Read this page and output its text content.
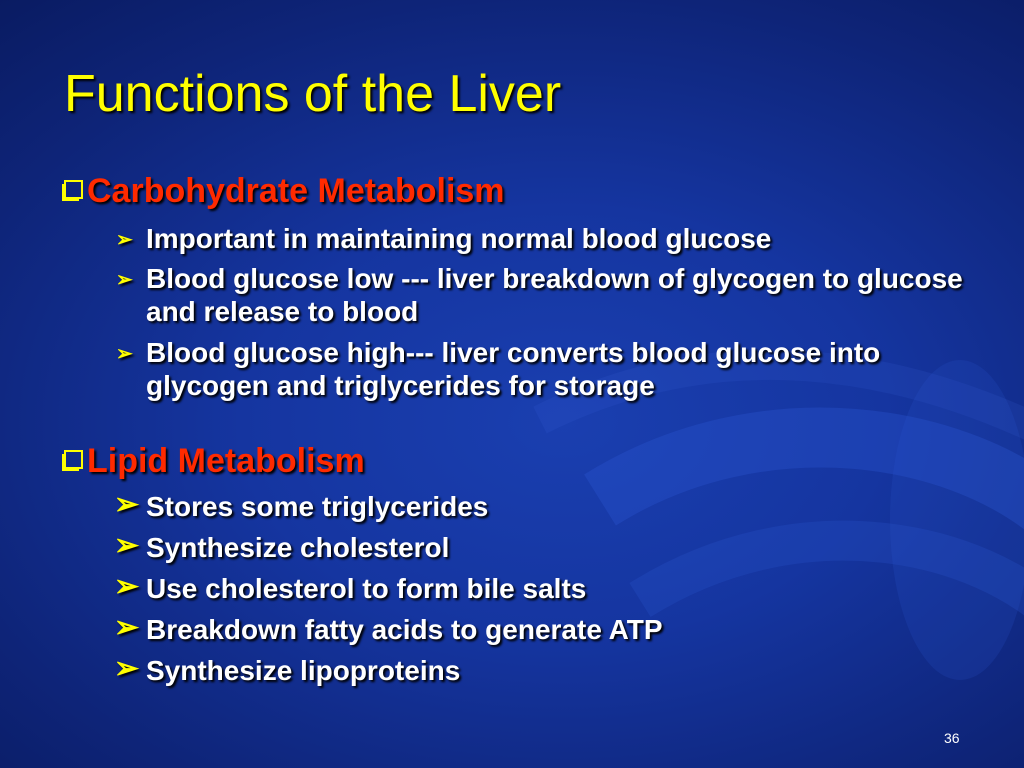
Functions of the Liver
Carbohydrate Metabolism
➢ Important in maintaining normal blood glucose
➢ Blood glucose low --- liver breakdown of glycogen to glucose and release to blood
➢ Blood glucose high--- liver converts blood glucose into glycogen and triglycerides for storage
Lipid Metabolism
➢ Stores some triglycerides
➢ Synthesize cholesterol
➢ Use cholesterol to form bile salts
➢ Breakdown fatty acids to generate ATP
➢ Synthesize lipoproteins
36
